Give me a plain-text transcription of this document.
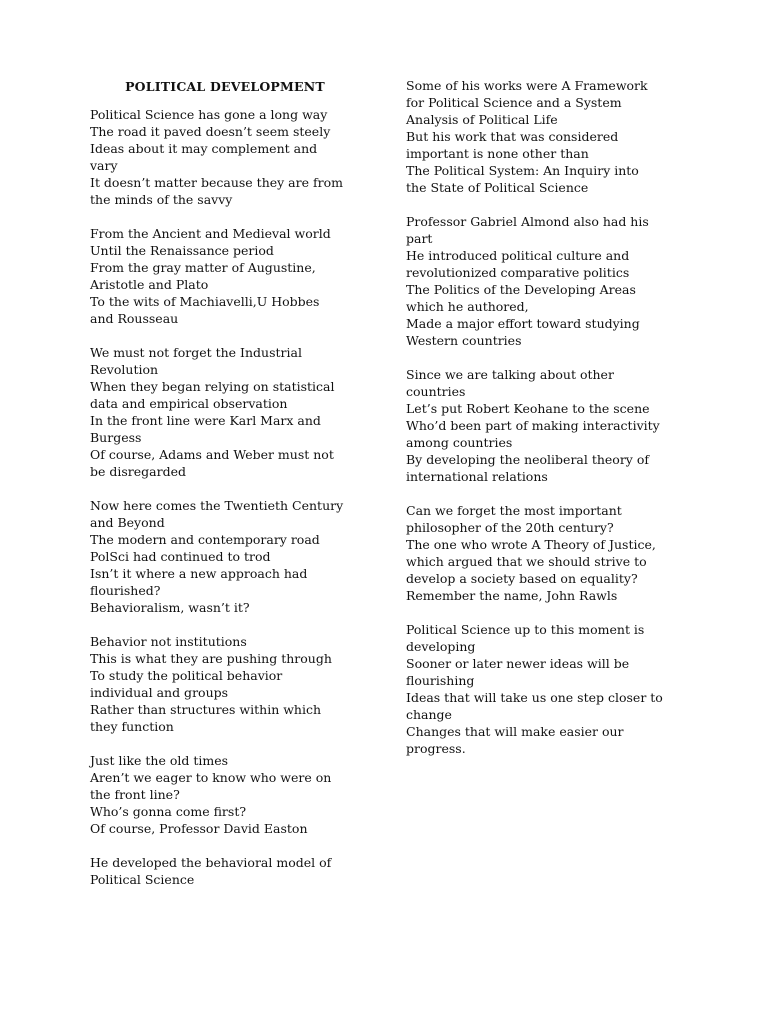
POLITICAL DEVELOPMENT
Political Science has gone a long way
The road it paved doesn’t seem steely
Ideas about it may complement and
vary
It doesn’t matter because they are from
the minds of the savvy
From the Ancient and Medieval world
Until the Renaissance period
From the gray matter of Augustine,
Aristotle and Plato
To the wits of Machiavelli,U Hobbes
and Rousseau
We must not forget the Industrial
Revolution
When they began relying on statistical
data and empirical observation
In the front line were Karl Marx and
Burgess
Of course, Adams and Weber must not
be disregarded
Now here comes the Twentieth Century
and Beyond
The modern and contemporary road
PolSci had continued to trod
Isn’t it where a new approach had
flourished?
Behavioralism, wasn’t it?
Behavior not institutions
This is what they are pushing through
To study the political behavior
individual and groups
Rather than structures within which
they function
Just like the old times
Aren’t we eager to know who were on
the front line?
Who’s gonna come first?
Of course, Professor David Easton
He developed the behavioral model of
Political Science
Some of his works were A Framework
for Political Science and a System
Analysis of Political Life
But his work that was considered
important is none other than
The Political System: An Inquiry into
the State of Political Science
Professor Gabriel Almond also had his
part
He introduced political culture and
revolutionized comparative politics
The Politics of the Developing Areas
which he authored,
Made a major effort toward studying
Western countries
Since we are talking about other
countries
Let’s put Robert Keohane to the scene
Who’d been part of making interactivity
among countries
By developing the neoliberal theory of
international relations
Can we forget the most important
philosopher of the 20th century?
The one who wrote A Theory of Justice,
which argued that we should strive to
develop a society based on equality?
Remember the name, John Rawls
Political Science up to this moment is
developing
Sooner or later newer ideas will be
flourishing
Ideas that will take us one step closer to
change
Changes that will make easier our
progress.
